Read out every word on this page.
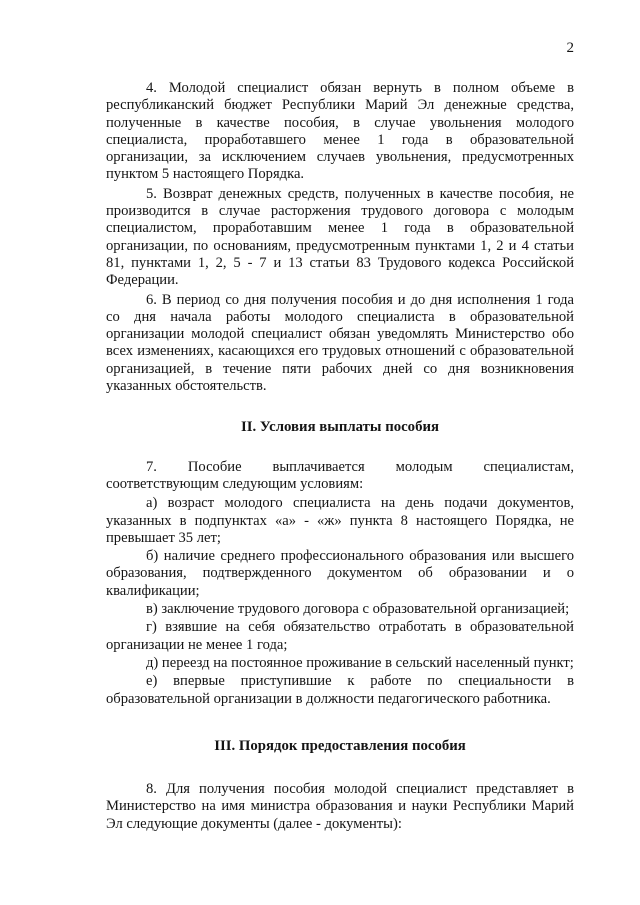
2

4. Молодой специалист обязан вернуть в полном объеме в республиканский бюджет Республики Марий Эл денежные средства, полученные в качестве пособия, в случае увольнения молодого специалиста, проработавшего менее 1 года в образовательной организации, за исключением случаев увольнения, предусмотренных пунктом 5 настоящего Порядка.

5. Возврат денежных средств, полученных в качестве пособия, не производится в случае расторжения трудового договора с молодым специалистом, проработавшим менее 1 года в образовательной организации, по основаниям, предусмотренным пунктами 1, 2 и 4 статьи 81, пунктами 1, 2, 5 - 7 и 13 статьи 83 Трудового кодекса Российской Федерации.

6. В период со дня получения пособия и до дня исполнения 1 года со дня начала работы молодого специалиста в образовательной организации молодой специалист обязан уведомлять Министерство обо всех изменениях, касающихся его трудовых отношений с образовательной организацией, в течение пяти рабочих дней со дня возникновения указанных обстоятельств.

II. Условия выплаты пособия

7. Пособие выплачивается молодым специалистам, соответствующим следующим условиям:

а) возраст молодого специалиста на день подачи документов, указанных в подпунктах «а» - «ж» пункта 8 настоящего Порядка, не превышает 35 лет;

б) наличие среднего профессионального образования или высшего образования, подтвержденного документом об образовании и о квалификации;

в) заключение трудового договора с образовательной организацией;

г) взявшие на себя обязательство отработать в образовательной организации не менее 1 года;

д) переезд на постоянное проживание в сельский населенный пункт;

е) впервые приступившие к работе по специальности в образовательной организации в должности педагогического работника.

III. Порядок предоставления пособия

8. Для получения пособия молодой специалист представляет в Министерство на имя министра образования и науки Республики Марий Эл следующие документы (далее - документы):
